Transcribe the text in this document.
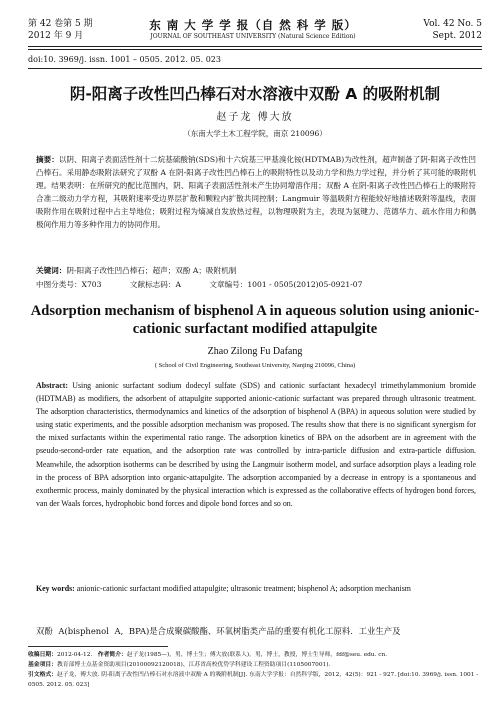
第 42 卷第 5 期
2012 年 9 月
东 南 大 学 学 报（自 然 科 学 版）
JOURNAL OF SOUTHEAST UNIVERSITY (Natural Science Edition)
Vol. 42 No. 5
Sept. 2012
doi:10. 3969/j. issn. 1001 – 0505. 2012. 05. 023
阴-阳离子改性凹凸棒石对水溶液中双酚 A 的吸附机制
赵子龙 傅大放
（东南大学土木工程学院，南京 210096）
摘要：以阴、阳离子表面活性剂十二烷基硫酸钠(SDS)和十六烷基三甲基溴化铵(HDTMAB)为改性剂，超声制备了阴-阳离子改性凹凸棒石。采用静态吸附法研究了双酚 A 在阴-阳离子改性凹凸棒石上的吸附特性以及动力学和热力学过程，并分析了其可能的吸附机理。结果表明：在所研究的配比范围内，阴、阳离子表面活性剂未产生协同增溶作用；双酚 A 在阴-阳离子改性凹凸棒石上的吸附符合准二级动力学方程，其吸附速率受边界层扩散和颗粒内扩散共同控制；Langmuir 等温吸附方程能较好地描述吸附等温线，表面吸附作用在吸附过程中占主导地位；吸附过程为熵减自发放热过程，以物理吸附为主，表现为氢键力、范德华力、疏水作用力和偶极间作用力等多种作用力的协同作用。
关键词：阴-阳离子改性凹凸棒石；超声；双酚 A；吸附机制
中图分类号：X703	文献标志码：A	文章编号：1001 - 0505(2012)05-0921-07
Adsorption mechanism of bisphenol A in aqueous solution using anionic-cationic surfactant modified attapulgite
Zhao Zilong Fu Dafang
( School of Civil Engineering, Southeast University, Nanjing 210096, China)
Abstract: Using anionic surfactant sodium dodecyl sulfate (SDS) and cationic surfactant hexadecyl trimethylammonium bromide (HDTMAB) as modifiers, the adsorbent of attapulgite supported anionic-cationic surfactant was prepared through ultrasonic treatment. The adsorption characteristics, thermodynamics and kinetics of the adsorption of bisphenol A (BPA) in aqueous solution were studied by using static experiments, and the possible adsorption mechanism was proposed. The results show that there is no significant synergism for the mixed surfactants within the experimental ratio range. The adsorption kinetics of BPA on the adsorbent are in agreement with the pseudo-second-order rate equation, and the adsorption rate was controlled by intra-particle diffusion and extra-particle diffusion. Meanwhile, the adsorption isotherms can be described by using the Langmuir isotherm model, and surface adsorption plays a leading role in the process of BPA adsorption into organic-attapulgite. The adsorption accompanied by a decrease in entropy is a spontaneous and exothermic process, mainly dominated by the physical interaction which is expressed as the collaborative effects of hydrogen bond forces, van der Waals forces, hydrophobic bond forces and dipole bond forces and so on.
Key words: anionic-cationic surfactant modified attapulgite; ultrasonic treatment; bisphenol A; adsorption mechanism
双酚 A(bisphenol A, BPA)是合成聚碳酸酯、环氧树脂类产品的重要有机化工原料. 工业生产及

收稿日期：2012-04-12. 作者简介：赵子龙(1985—)，男，博士生；傅大放(联系人)，男，博士，教授，博士生导师，fdf@seu. edu. cn.

基金项目：教育部博士点基金资助项目(20100092120018)、江苏省高校优势学科建设工程资助项目(1105007001).

引文格式：赵子龙，傅大放. 阴-阳离子改性凹凸棒石对水溶液中双酚 A 的吸附机制[J]. 东南大学学报：自然科学版，2012，42(5)：921 - 927. [doi:10. 3969/j. issn. 1001 - 0505. 2012. 05. 023]
